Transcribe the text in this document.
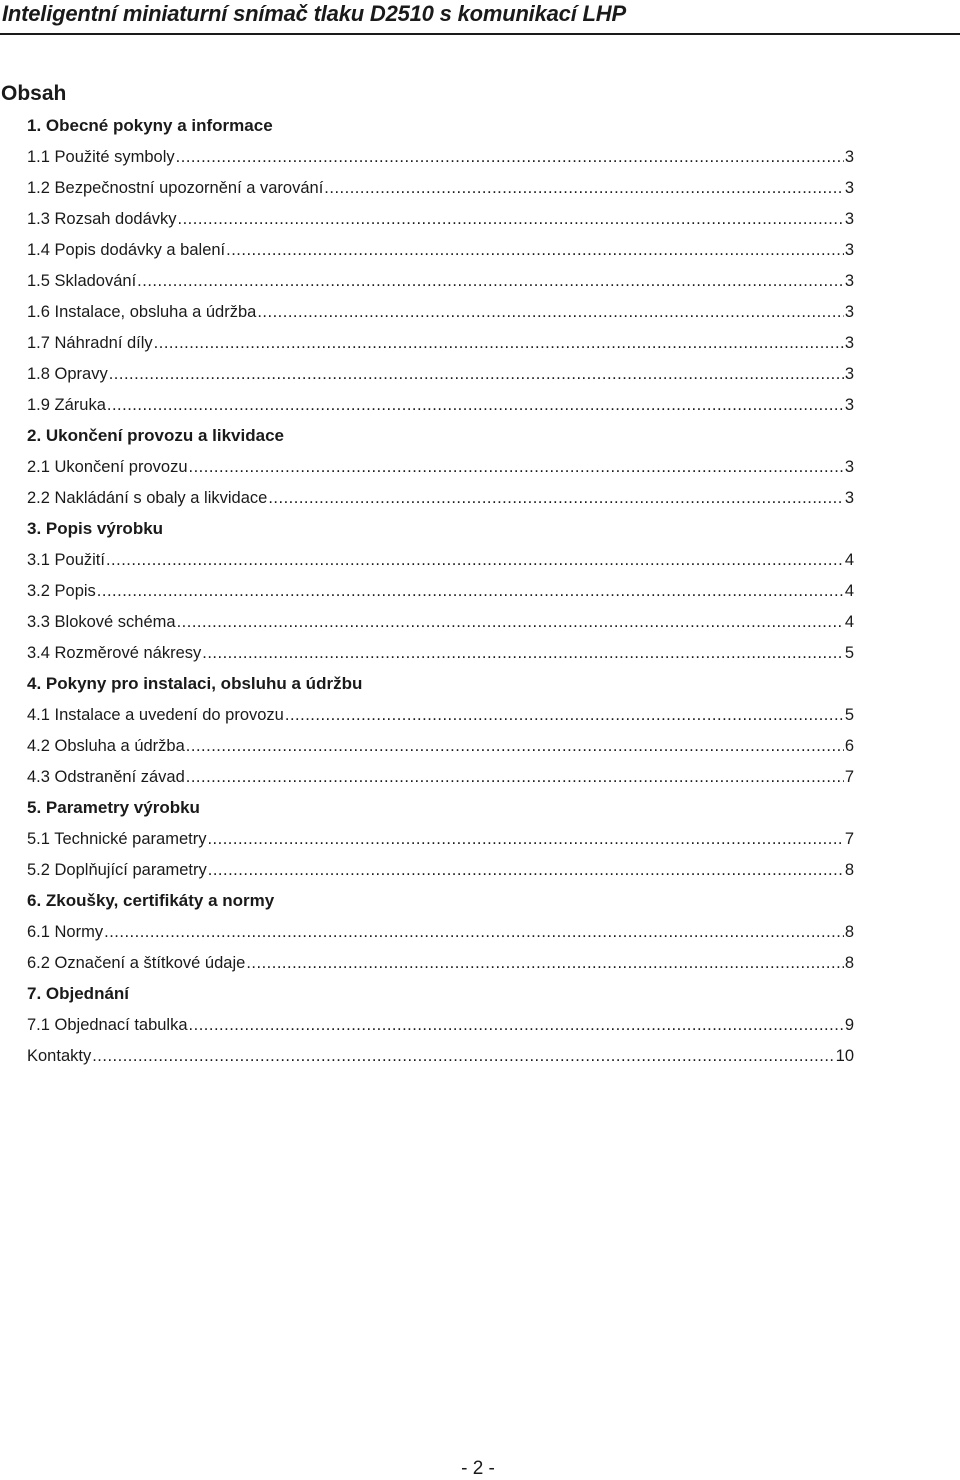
Inteligentní miniaturní snímač tlaku D2510 s komunikací LHP
Obsah
1. Obecné pokyny a informace
1.1 Použité symboly .....	3
1.2 Bezpečnostní upozornění a varování .....	3
1.3 Rozsah dodávky .....	3
1.4 Popis dodávky a balení .....	3
1.5 Skladování .....	3
1.6 Instalace, obsluha a údržba .....	3
1.7 Náhradní díly .....	3
1.8 Opravy .....	3
1.9 Záruka .....	3
2. Ukončení provozu a likvidace
2.1 Ukončení provozu .....	3
2.2 Nakládání s obaly a likvidace .....	3
3. Popis výrobku
3.1 Použití .....	4
3.2 Popis .....	4
3.3 Blokové schéma .....	4
3.4 Rozměrové nákresy .....	5
4. Pokyny pro instalaci, obsluhu a údržbu
4.1 Instalace a uvedení do provozu .....	5
4.2 Obsluha a údržba .....	6
4.3 Odstranění závad .....	7
5. Parametry výrobku
5.1 Technické parametry .....	7
5.2 Doplňující parametry .....	8
6. Zkoušky, certifikáty a normy
6.1 Normy .....	8
6.2 Označení a štítkové údaje .....	8
7. Objednání
7.1 Objednací tabulka .....	9
Kontakty .....	10
- 2 -
